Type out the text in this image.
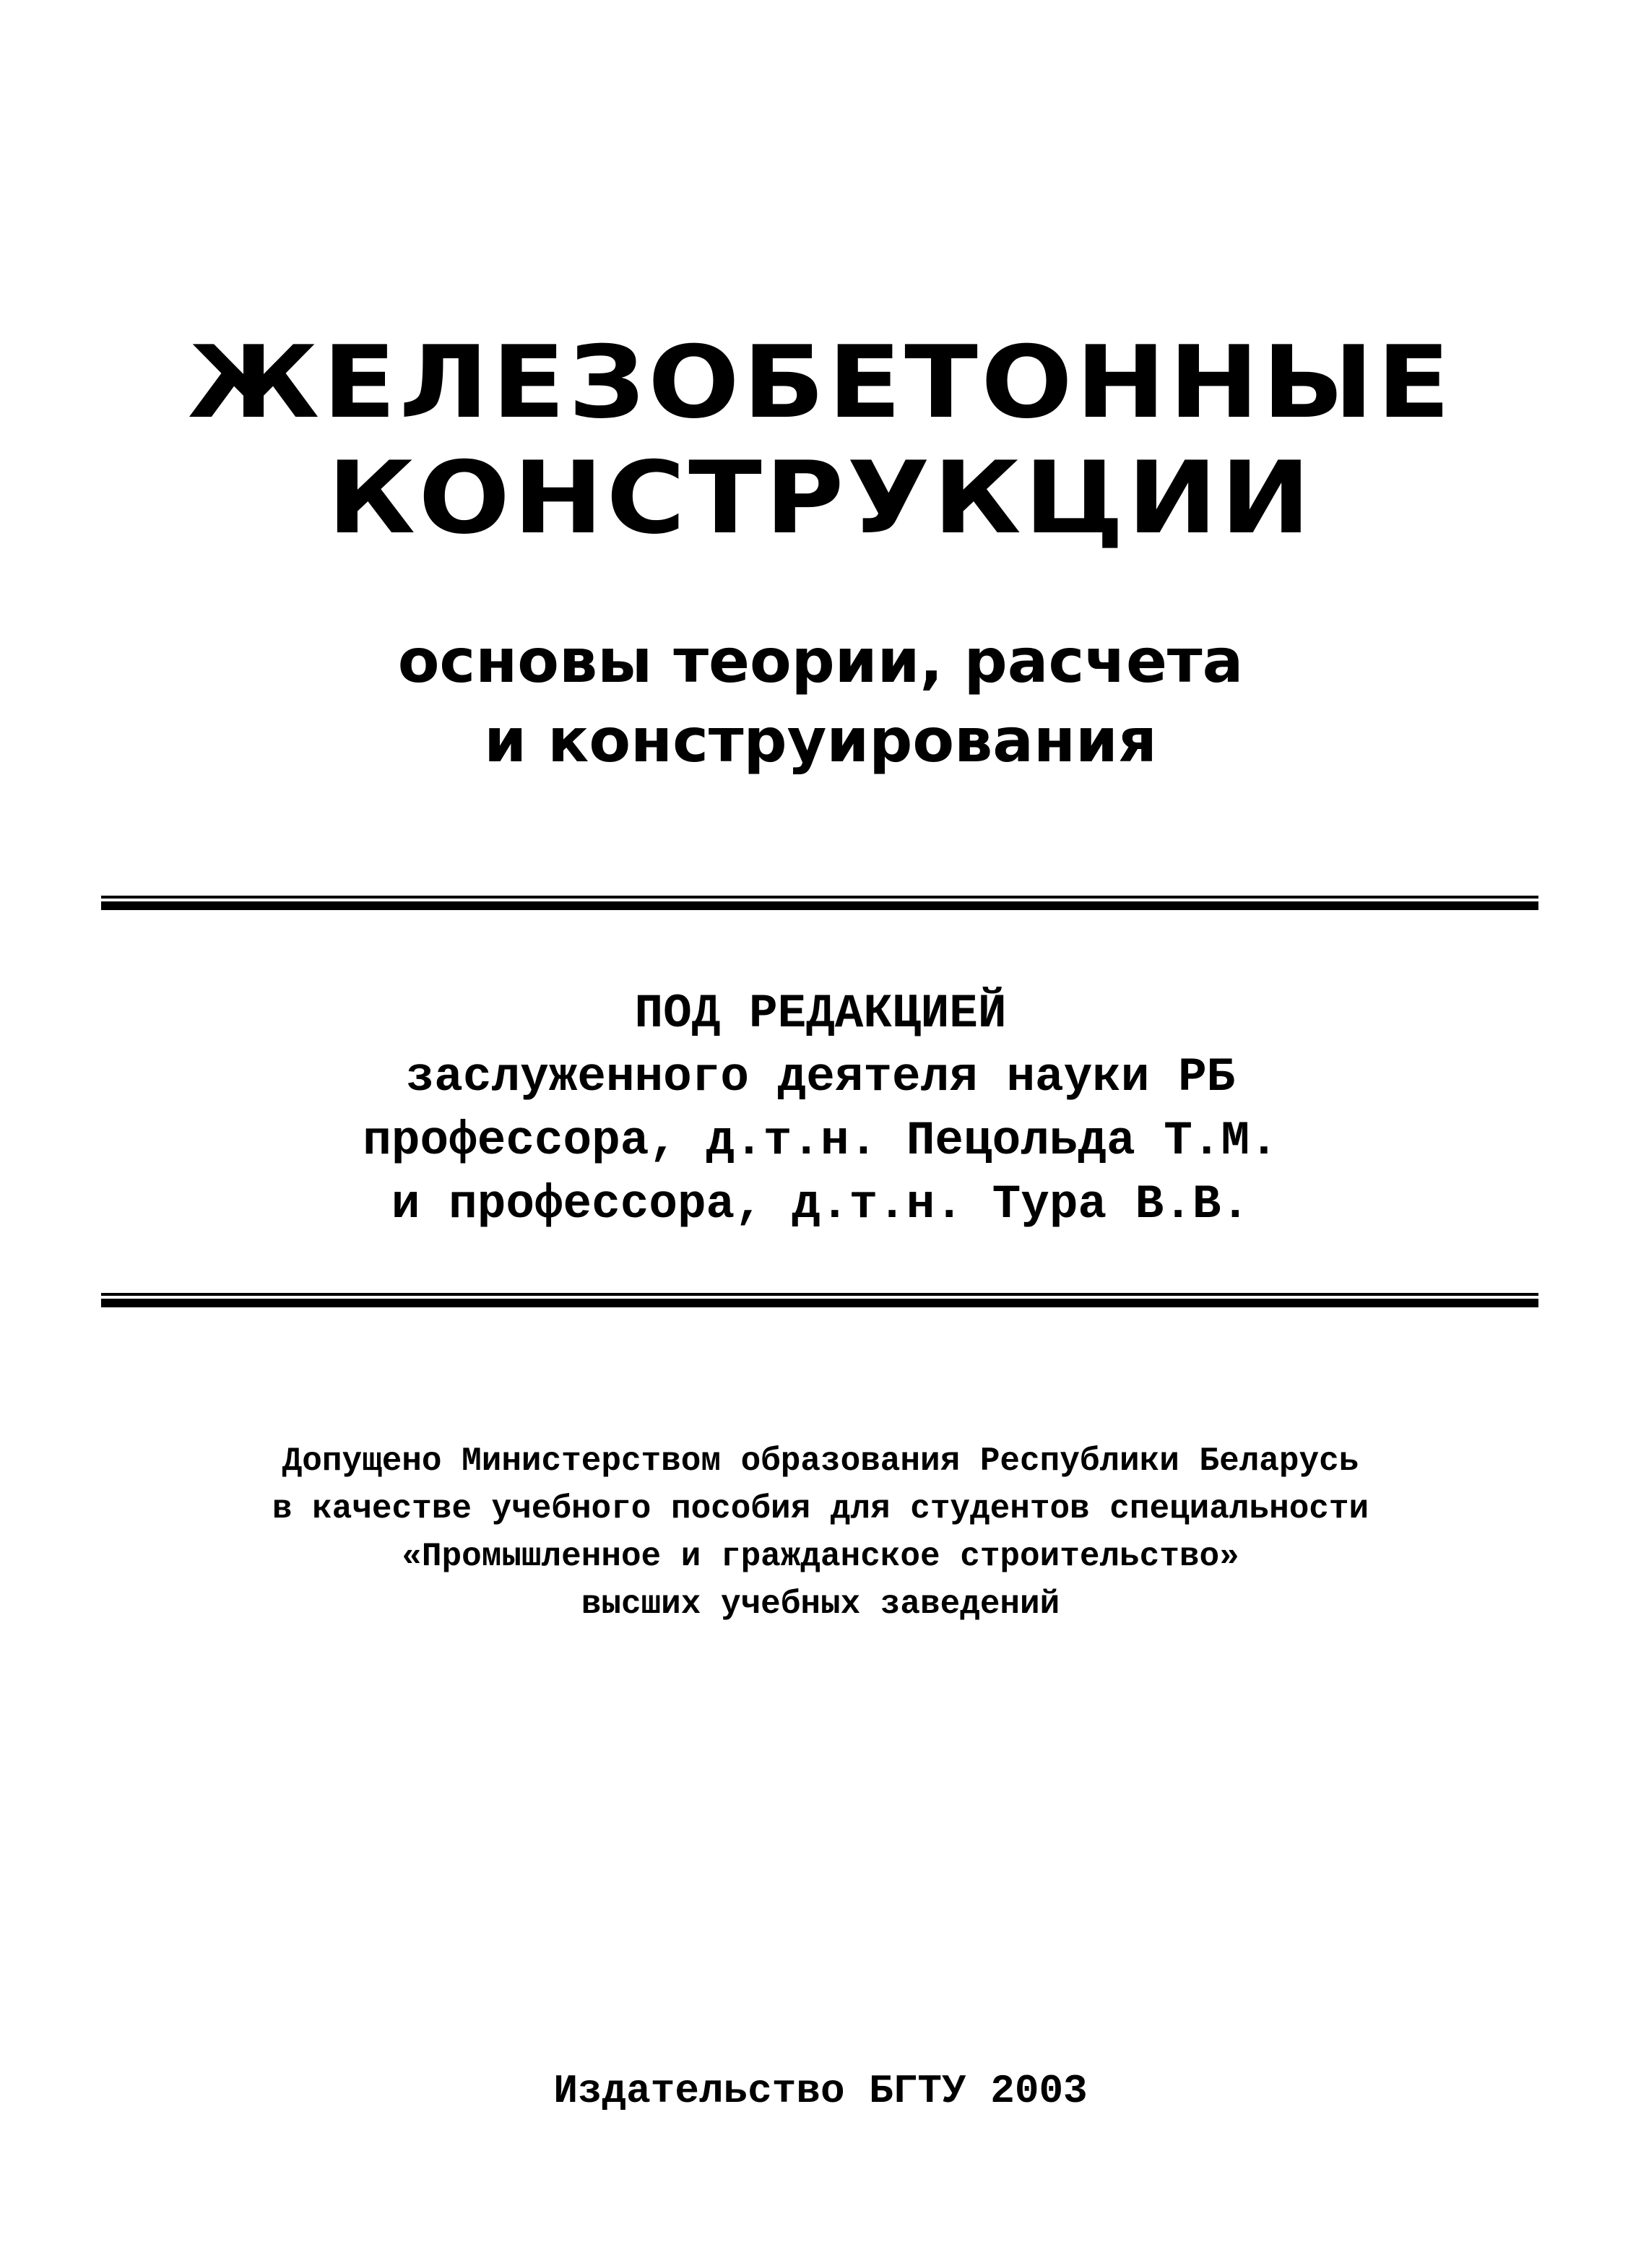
ЖЕЛЕЗОБЕТОННЫЕ
КОНСТРУКЦИИ
основы теории, расчета
и конструирования
ПОД РЕДАКЦИЕЙ
заслуженного деятеля науки РБ
профессора, д.т.н. Пецольда Т.М.
и профессора, д.т.н. Тура В.В.
Допущено Министерством образования Республики Беларусь
в качестве учебного пособия для студентов специальности
«Промышленное и гражданское строительство»
высших учебных заведений
Издательство БГТУ 2003
